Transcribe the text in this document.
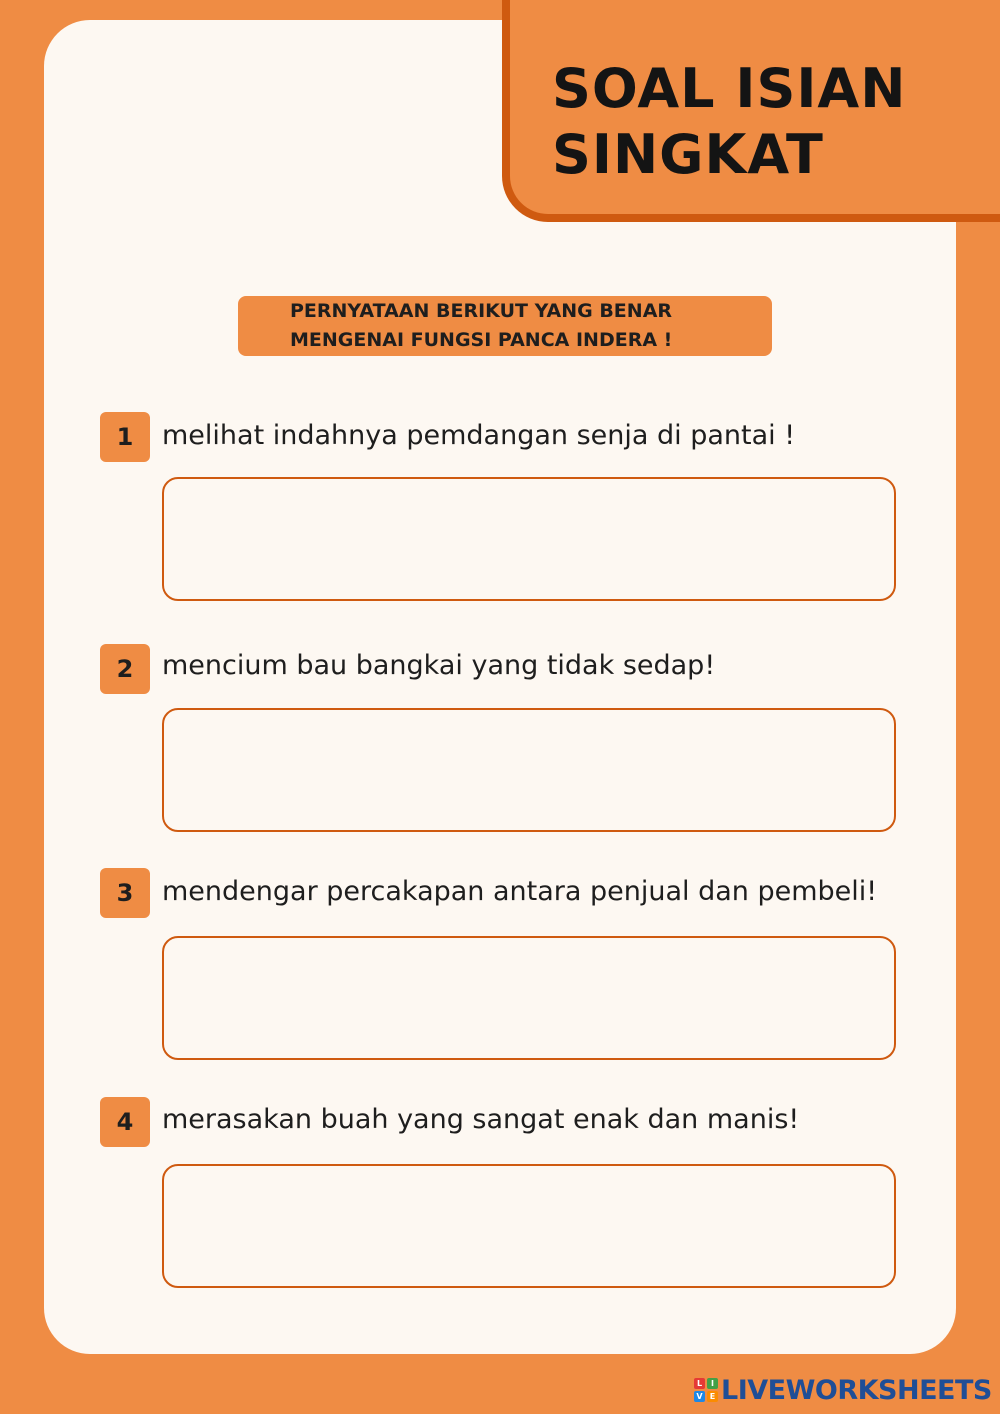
SOAL ISIAN
SINGKAT
PERNYATAAN BERIKUT YANG BENAR
MENGENAI FUNGSI PANCA INDERA !
1	melihat indahnya pemdangan senja di pantai !
2	mencium bau bangkai yang tidak sedap!
3	mendengar percakapan antara penjual dan pembeli!
4	merasakan buah yang sangat enak dan manis!
L	I
V E LIVEWORKSHEETS
